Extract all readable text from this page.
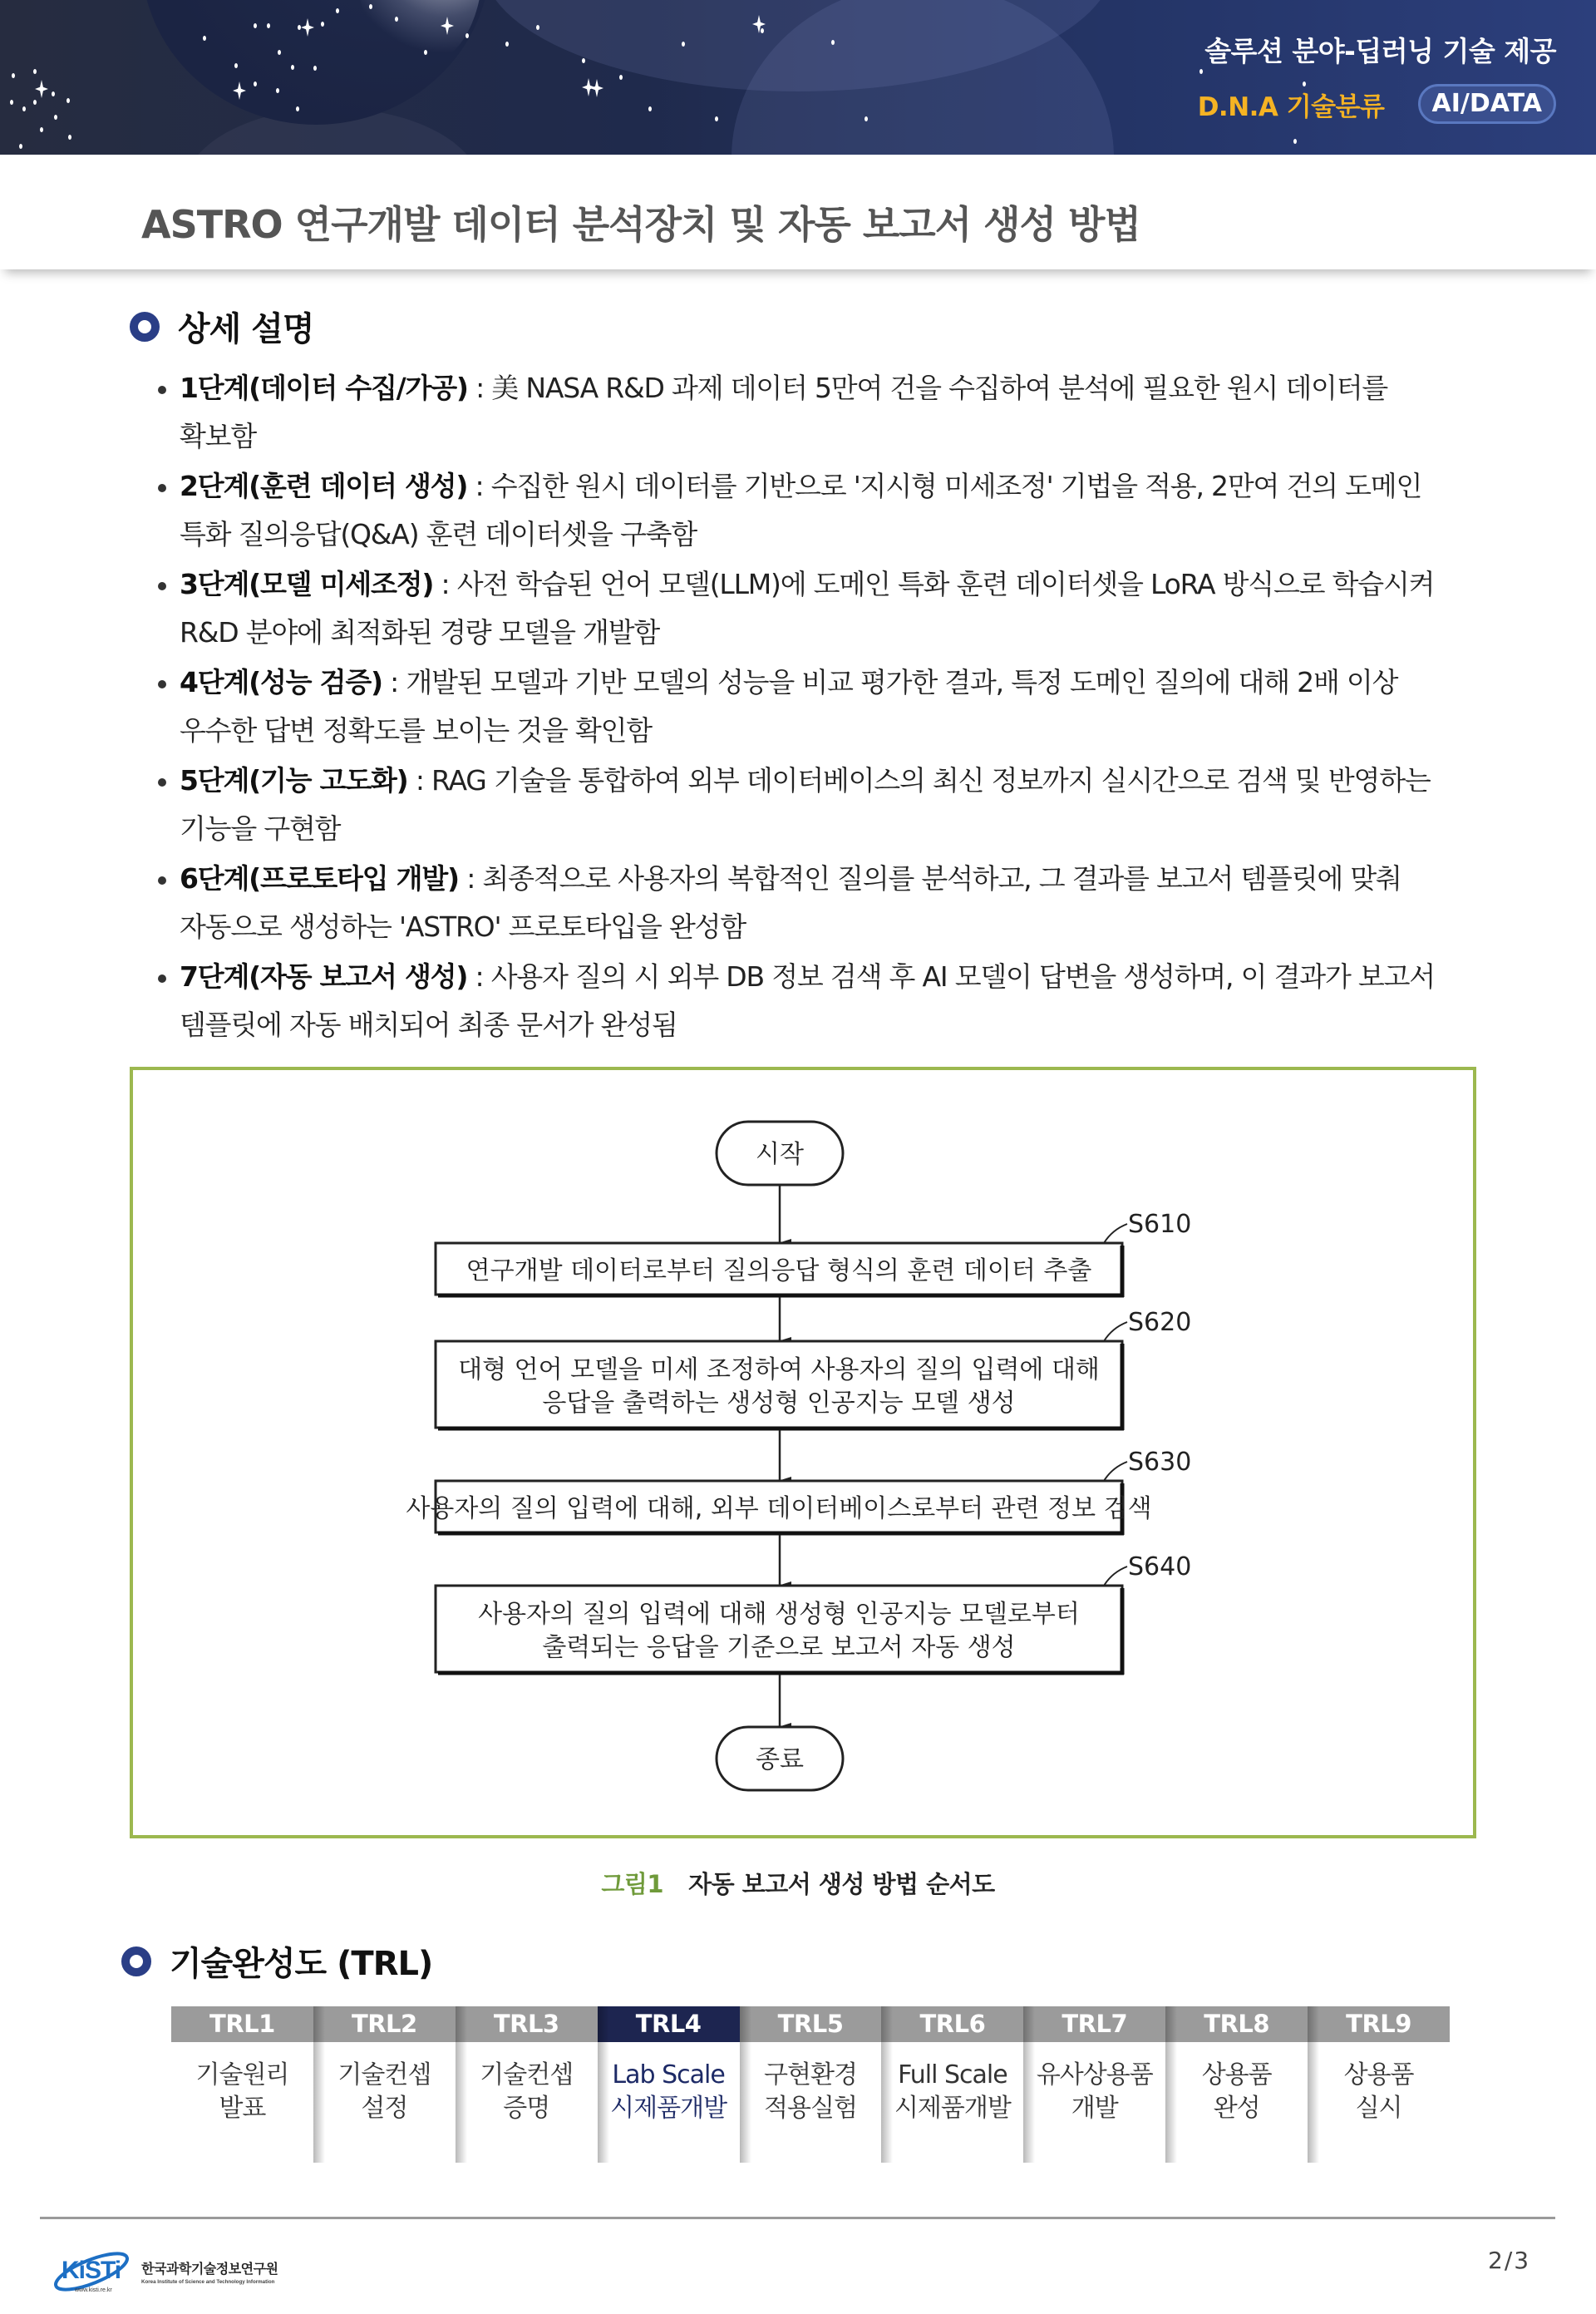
솔루션 분야-딥러닝 기술 제공
D.N.A 기술분류	AI/DATA
ASTRO 연구개발 데이터 분석장치 및 자동 보고서 생성 방법
상세 설명
1단계(데이터 수집/가공) : 美 NASA R&D 과제 데이터 5만여 건을 수집하여 분석에 필요한 원시 데이터를
확보함
2단계(훈련 데이터 생성) : 수집한 원시 데이터를 기반으로 '지시형 미세조정' 기법을 적용, 2만여 건의 도메인
특화 질의응답(Q&A) 훈련 데이터셋을 구축함
3단계(모델 미세조정) : 사전 학습된 언어 모델(LLM)에 도메인 특화 훈련 데이터셋을 LoRA 방식으로 학습시켜
R&D 분야에 최적화된 경량 모델을 개발함
4단계(성능 검증) : 개발된 모델과 기반 모델의 성능을 비교 평가한 결과, 특정 도메인 질의에 대해 2배 이상
우수한 답변 정확도를 보이는 것을 확인함
5단계(기능 고도화) : RAG 기술을 통합하여 외부 데이터베이스의 최신 정보까지 실시간으로 검색 및 반영하는
기능을 구현함
6단계(프로토타입 개발) : 최종적으로 사용자의 복합적인 질의를 분석하고, 그 결과를 보고서 템플릿에 맞춰
자동으로 생성하는 'ASTRO' 프로토타입을 완성함
7단계(자동 보고서 생성) : 사용자 질의 시 외부 DB 정보 검색 후 AI 모델이 답변을 생성하며, 이 결과가 보고서
템플릿에 자동 배치되어 최종 문서가 완성됨
시작
연구개발 데이터로부터 질의응답 형식의 훈련 데이터 추출
S610
대형 언어 모델을 미세 조정하여 사용자의 질의 입력에 대해
응답을 출력하는 생성형 인공지능 모델 생성
S620
사용자의 질의 입력에 대해, 외부 데이터베이스로부터 관련 정보 검색
S630
사용자의 질의 입력에 대해 생성형 인공지능 모델로부터
출력되는 응답을 기준으로 보고서 자동 생성
S640
종료
그림1 자동 보고서 생성 방법 순서도
기술완성도 (TRL)
TRL1
기술원리
발표
TRL2
기술컨셉
설정
TRL3
기술컨셉
증명
TRL4
Lab Scale
시제품개발
TRL5
구현환경
적용실험
TRL6
Full Scale
시제품개발
TRL7
유사상용품
개발
TRL8
상용품
완성
TRL9
상용품
실시
KiSTi
www.kisti.re.kr
한국과학기술정보연구원
Korea Institute of Science and Technology Information
2/3
